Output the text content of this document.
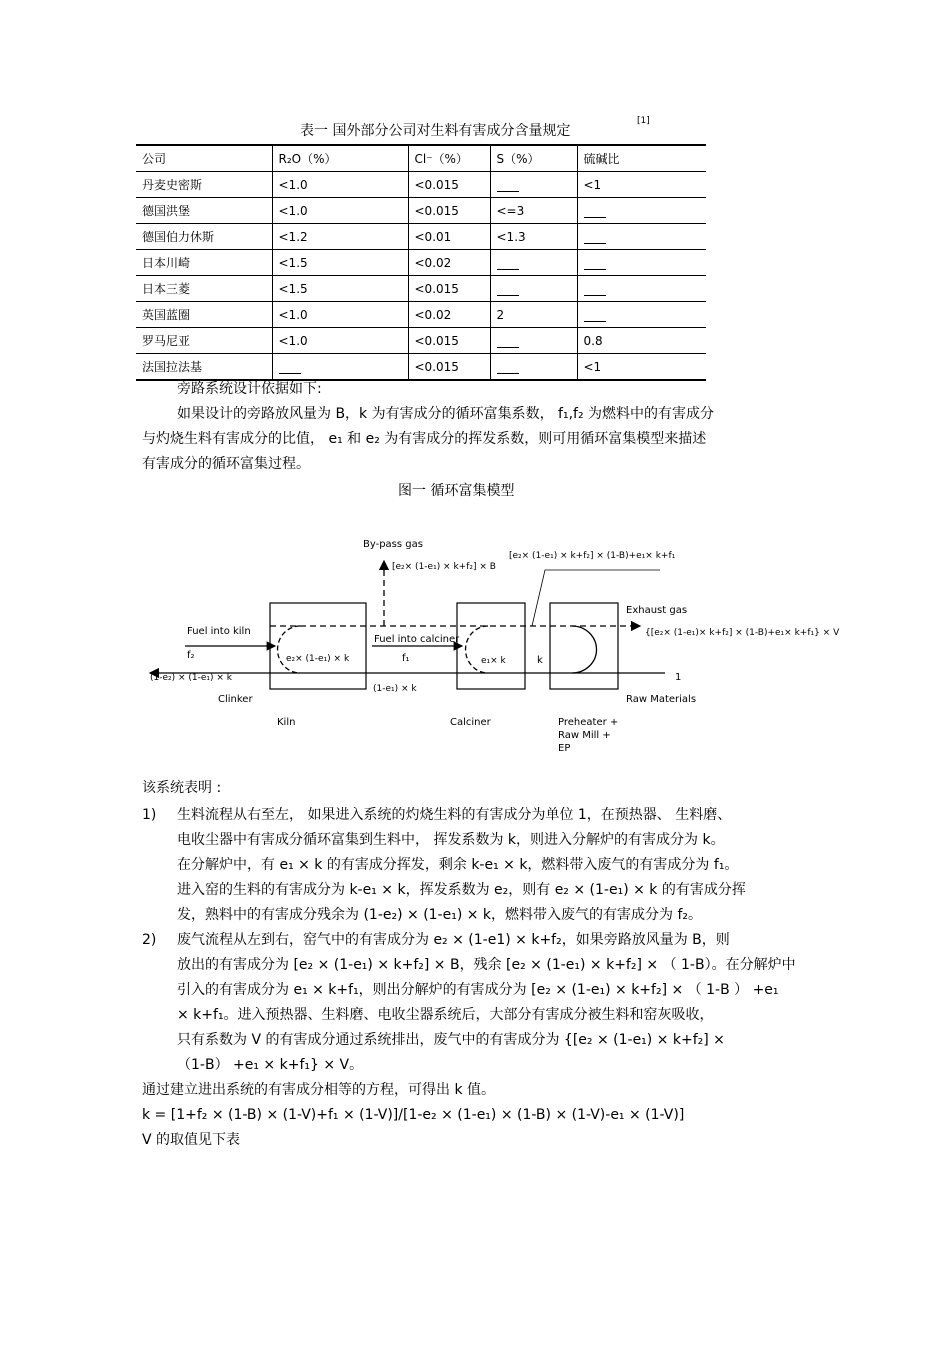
表一 国外部分公司对生料有害成分含量规定
[1]
公司	R₂O（%）	Cl⁻（%）	S（%）	硫碱比
丹麦史密斯	<1.0	<0.015		<1
德国洪堡	<1.0	<0.015	<=3	
德国伯力休斯	<1.2	<0.01	<1.3	
日本川崎	<1.5	<0.02		
日本三菱	<1.5	<0.015		
英国蓝圈	<1.0	<0.02	2	
罗马尼亚	<1.0	<0.015		0.8
法国拉法基		<0.015		<1
旁路系统设计依据如下:
如果设计的旁路放风量为 B，k 为有害成分的循环富集系数， f₁,f₂ 为燃料中的有害成分
与灼烧生料有害成分的比值， e₁ 和 e₂ 为有害成分的挥发系数，则可用循环富集模型来描述
有害成分的循环富集过程。
图一 循环富集模型
By-pass gas
[e₂× (1-e₁) × k+f₂] × B
[e₂× (1-e₁) × k+f₂] × (1-B)+e₁× k+f₁
Exhaust gas
{[e₂× (1-e₁)× k+f₂] × (1-B)+e₁× k+f₁} × V
Fuel into kiln
f₂	e₂× (1-e₁) × k
Fuel into calciner
f₁	e₁× k	k
1
(1-e₂) × (1-e₁) × k
(1-e₁) × k
Clinker	Raw Materials
Kiln	Calciner	Preheater +
Raw Mill +
EP
该系统表明 :
1) 生料流程从右至左， 如果进入系统的灼烧生料的有害成分为单位 1，在预热器、 生料磨、
电收尘器中有害成分循环富集到生料中， 挥发系数为 k，则进入分解炉的有害成分为 k。
在分解炉中，有 e₁ × k 的有害成分挥发，剩余 k-e₁ × k，燃料带入废气的有害成分为 f₁。
进入窑的生料的有害成分为 k-e₁ × k，挥发系数为 e₂，则有 e₂ × (1-e₁) × k 的有害成分挥
发，熟料中的有害成分残余为 (1-e₂) × (1-e₁) × k，燃料带入废气的有害成分为 f₂。
2) 废气流程从左到右，窑气中的有害成分为 e₂ × (1-e1) × k+f₂，如果旁路放风量为 B，则
放出的有害成分为 [e₂ × (1-e₁) × k+f₂] × B，残余 [e₂ × (1-e₁) × k+f₂] × （ 1-B）。在分解炉中
引入的有害成分为 e₁ × k+f₁，则出分解炉的有害成分为 [e₂ × (1-e₁) × k+f₂] × （ 1-B ） +e₁
× k+f₁。进入预热器、生料磨、电收尘器系统后，大部分有害成分被生料和窑灰吸收，
只有系数为 V 的有害成分通过系统排出，废气中的有害成分为 {[e₂ × (1-e₁) × k+f₂] ×
（1-B） +e₁ × k+f₁} × V。
通过建立进出系统的有害成分相等的方程，可得出 k 值。
k = [1+f₂ × (1-B) × (1-V)+f₁ × (1-V)]/[1-e₂ × (1-e₁) × (1-B) × (1-V)-e₁ × (1-V)]
V 的取值见下表
